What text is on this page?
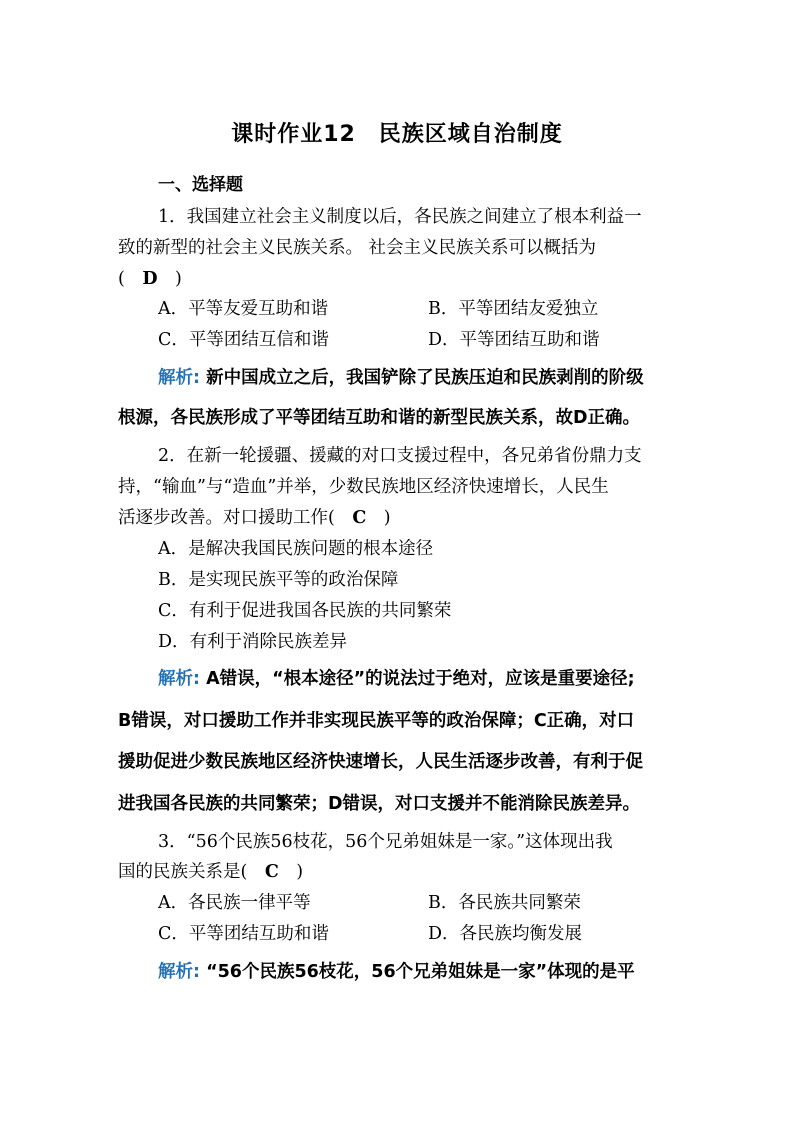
课时作业12　民族区域自治制度
一、选择题
1．我国建立社会主义制度以后，各民族之间建立了根本利益一
致的新型的社会主义民族关系。 社会主义民族关系可以概括为
(　D　)
A．平等友爱互助和谐	B．平等团结友爱独立
C．平等团结互信和谐	D．平等团结互助和谐
解析: 新中国成立之后，我国铲除了民族压迫和民族剥削的阶级
根源，各民族形成了平等团结互助和谐的新型民族关系，故D正确。
2．在新一轮援疆、援藏的对口支援过程中，各兄弟省份鼎力支
持，“输血”与“造血”并举，少数民族地区经济快速增长，人民生
活逐步改善。对口援助工作(　C　)
A．是解决我国民族问题的根本途径
B．是实现民族平等的政治保障
C．有利于促进我国各民族的共同繁荣
D．有利于消除民族差异
解析: A错误，“根本途径”的说法过于绝对，应该是重要途径;
B错误，对口援助工作并非实现民族平等的政治保障；C正确，对口
援助促进少数民族地区经济快速增长，人民生活逐步改善，有利于促
进我国各民族的共同繁荣；D错误，对口支援并不能消除民族差异。
3．“56个民族56枝花，56个兄弟姐妹是一家。”这体现出我
国的民族关系是(　C　)
A．各民族一律平等	B．各民族共同繁荣
C．平等团结互助和谐	D．各民族均衡发展
解析: “56个民族56枝花，56个兄弟姐妹是一家”体现的是平
